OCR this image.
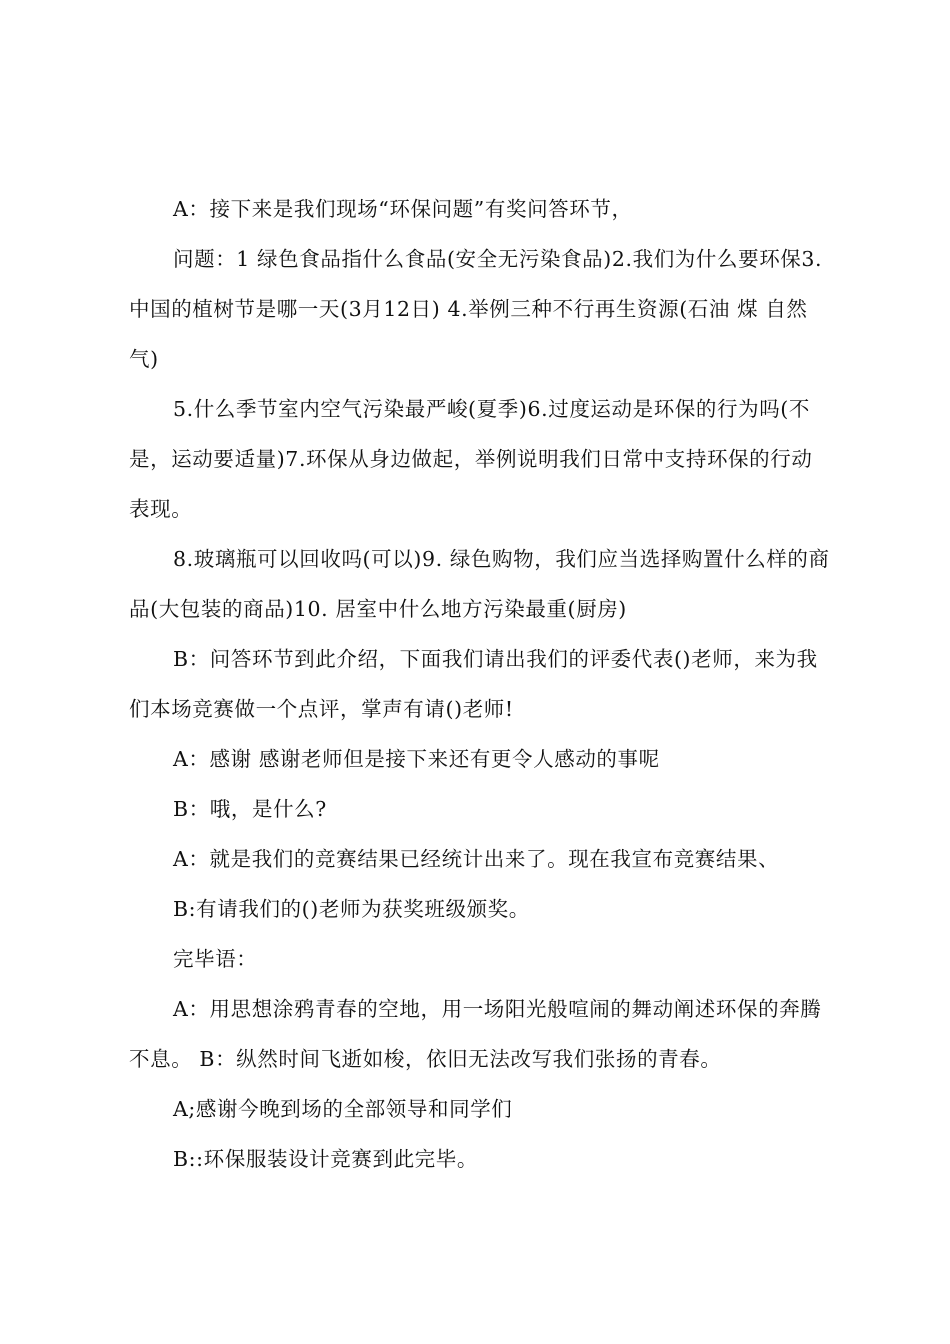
A：接下来是我们现场“环保问题”有奖问答环节，

问题：1 绿色食品指什么食品(安全无污染食品)2.我们为什么要环保3.中国的植树节是哪一天(3月12日) 4.举例三种不行再生资源(石油 煤 自然气)

5.什么季节室内空气污染最严峻(夏季)6.过度运动是环保的行为吗(不是，运动要适量)7.环保从身边做起，举例说明我们日常中支持环保的行动表现。

8.玻璃瓶可以回收吗(可以)9. 绿色购物，我们应当选择购置什么样的商品(大包装的商品)10. 居室中什么地方污染最重(厨房)

B：问答环节到此介绍，下面我们请出我们的评委代表()老师，来为我们本场竞赛做一个点评，掌声有请()老师!

A：感谢 感谢老师但是接下来还有更令人感动的事呢

B：哦，是什么?

A：就是我们的竞赛结果已经统计出来了。现在我宣布竞赛结果、

B:有请我们的()老师为获奖班级颁奖。

完毕语：

A：用思想涂鸦青春的空地，用一场阳光般喧闹的舞动阐述环保的奔腾不息。 B：纵然时间飞逝如梭，依旧无法改写我们张扬的青春。

A;感谢今晚到场的全部领导和同学们

B::环保服装设计竞赛到此完毕。
